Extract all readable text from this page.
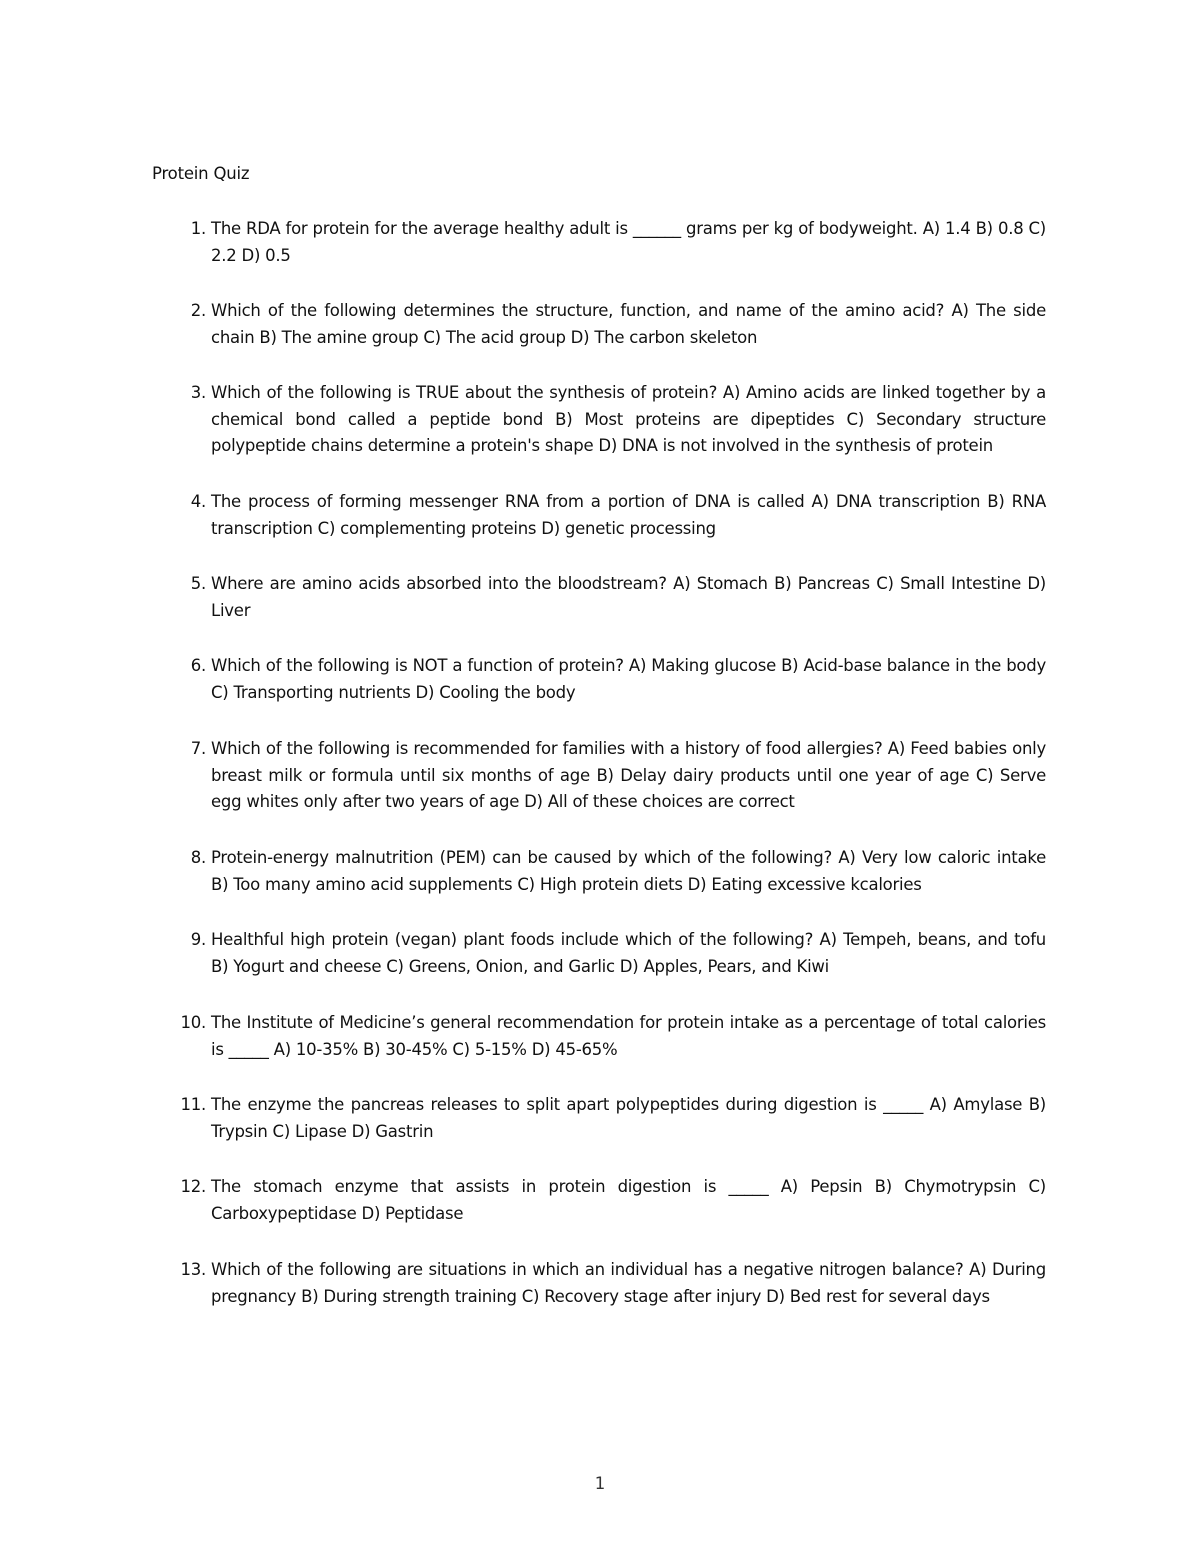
Protein Quiz
1. The RDA for protein for the average healthy adult is ______ grams per kg of bodyweight. A) 1.4 B) 0.8 C) 2.2 D) 0.5
2. Which of the following determines the structure, function, and name of the amino acid? A) The side chain B) The amine group C) The acid group D) The carbon skeleton
3. Which of the following is TRUE about the synthesis of protein? A) Amino acids are linked together by a chemical bond called a peptide bond B) Most proteins are dipeptides C) Secondary structure polypeptide chains determine a protein's shape D) DNA is not involved in the synthesis of protein
4. The process of forming messenger RNA from a portion of DNA is called A) DNA transcription B) RNA transcription C) complementing proteins D) genetic processing
5. Where are amino acids absorbed into the bloodstream? A) Stomach B) Pancreas C) Small Intestine D) Liver
6. Which of the following is NOT a function of protein? A) Making glucose B) Acid-base balance in the body C) Transporting nutrients D) Cooling the body
7. Which of the following is recommended for families with a history of food allergies? A) Feed babies only breast milk or formula until six months of age B) Delay dairy products until one year of age C) Serve egg whites only after two years of age D) All of these choices are correct
8. Protein-energy malnutrition (PEM) can be caused by which of the following? A) Very low caloric intake B) Too many amino acid supplements C) High protein diets D) Eating excessive kcalories
9. Healthful high protein (vegan) plant foods include which of the following? A) Tempeh, beans, and tofu B) Yogurt and cheese C) Greens, Onion, and Garlic D) Apples, Pears, and Kiwi
10. The Institute of Medicine’s general recommendation for protein intake as a percentage of total calories is _____ A) 10-35% B) 30-45% C) 5-15% D) 45-65%
11. The enzyme the pancreas releases to split apart polypeptides during digestion is _____ A) Amylase B) Trypsin C) Lipase D) Gastrin
12. The stomach enzyme that assists in protein digestion is _____ A) Pepsin B) Chymotrypsin C) Carboxypeptidase D) Peptidase
13. Which of the following are situations in which an individual has a negative nitrogen balance? A) During pregnancy B) During strength training C) Recovery stage after injury D) Bed rest for several days
1
